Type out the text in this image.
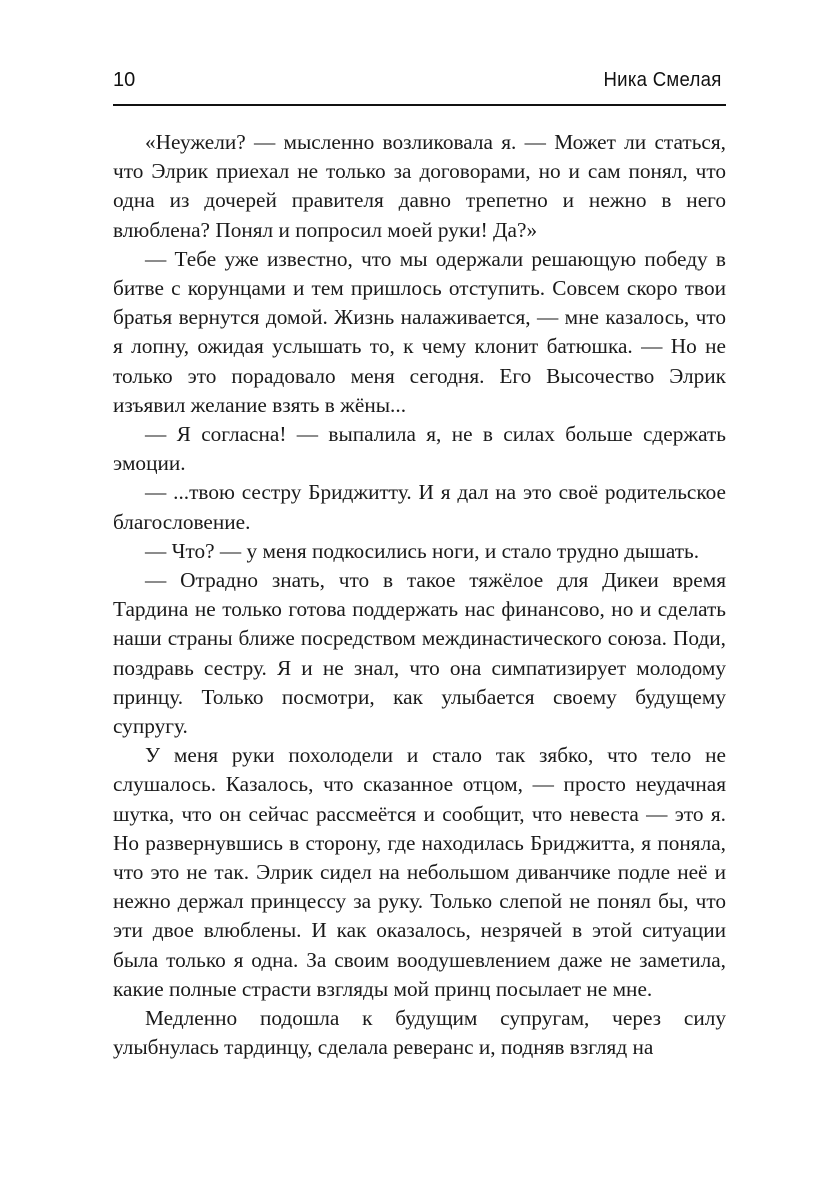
10	Ника Смелая

«Неужели? — мысленно возликовала я. — Может ли статься, что Элрик приехал не только за договорами, но и сам понял, что одна из дочерей правителя давно трепетно и нежно в него влюблена? Понял и попросил моей руки! Да?»

— Тебе уже известно, что мы одержали решающую победу в битве с корунцами и тем пришлось отступить. Совсем скоро твои братья вернутся домой. Жизнь налаживается, — мне казалось, что я лопну, ожидая услышать то, к чему клонит батюшка. — Но не только это порадовало меня сегодня. Его Высочество Элрик изъявил желание взять в жёны...

— Я согласна! — выпалила я, не в силах больше сдержать эмоции.

— ...твою сестру Бриджитту. И я дал на это своё родительское благословение.

— Что? — у меня подкосились ноги, и стало трудно дышать.

— Отрадно знать, что в такое тяжёлое для Дикеи время Тардина не только готова поддержать нас финансово, но и сделать наши страны ближе посредством междинастического союза. Поди, поздравь сестру. Я и не знал, что она симпатизирует молодому принцу. Только посмотри, как улыбается своему будущему супругу.

У меня руки похолодели и стало так зябко, что тело не слушалось. Казалось, что сказанное отцом, — просто неудачная шутка, что он сейчас рассмеётся и сообщит, что невеста — это я. Но развернувшись в сторону, где находилась Бриджитта, я поняла, что это не так. Элрик сидел на небольшом диванчике подле неё и нежно держал принцессу за руку. Только слепой не понял бы, что эти двое влюблены. И как оказалось, незрячей в этой ситуации была только я одна. За своим воодушевлением даже не заметила, какие полные страсти взгляды мой принц посылает не мне.

Медленно подошла к будущим супругам, через силу улыбнулась тардинцу, сделала реверанс и, подняв взгляд на
